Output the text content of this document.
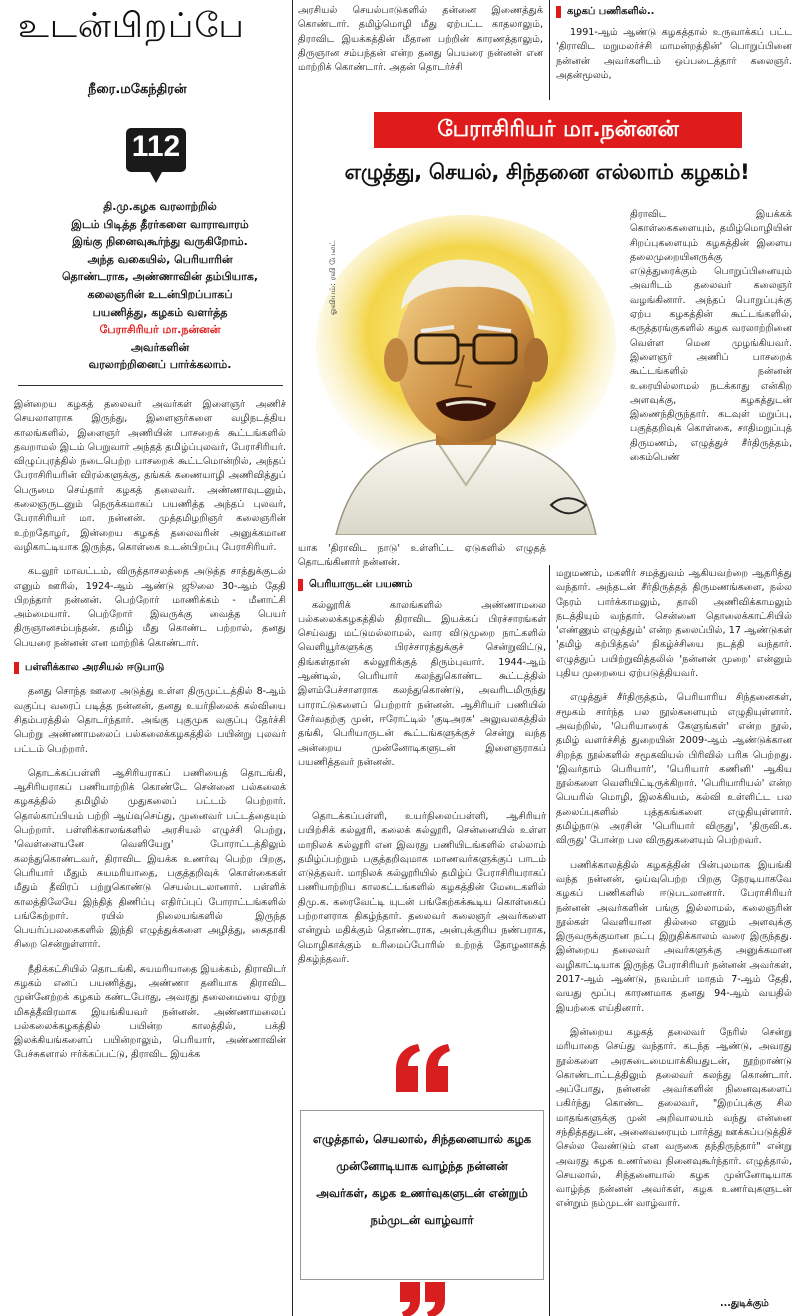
உடன்பிறப்பே
நீரை.மகேந்திரன்
112
தி.மு.கழக வரலாற்றில்
இடம் பிடித்த தீரர்களை வாராவாரம்
இங்கு நினைவுகூர்ந்து வருகிறோம்.
அந்த வகையில், பெரியாரின்
தொண்டராக, அண்ணாவின் தம்பியாக,
கலைஞரின் உடன்பிறப்பாகப்
பயணித்து, கழகம் வளர்த்த
பேராசிரியர் மா.நன்னன்
அவர்களின்
வரலாற்றினைப் பார்க்கலாம்.

இன்றைய கழகத் தலைவர் அவர்கள் இளைஞர் அணிச் செயலாளராக இருந்து, இளைஞர்களை வழிநடத்திய காலங்களில், இளைஞர் அணியின் பாசறைக் கூட்டங்களில் தவறாமல் இடம் பெறுவார் அந்தத் தமிழ்ப்புலவர், பேராசிரியர். விழுப்புரத்தில் நடைபெற்ற பாசறைக் கூட்டமொன்றில், அந்தப் பேராசிரியரின் விரல்களுக்கு, தங்கக் கணையாழி அணிவித்துப் பெருமை செய்தார் கழகத் தலைவர். அண்ணாவுடனும், கலைஞருடனும் நெருக்கமாகப் பயணித்த அந்தப் புலவர், பேராசிரியர் மா. நன்னன். முத்தமிழறிஞர் கலைஞரின் உற்றதோழர், இன்றைய கழகத் தலைவரின் அனுக்கமான வழிகாட்டியாக இருந்த, கொள்கை உடன்பிறப்பு பேராசிரியர்.

கடலூர் மாவட்டம், விருத்தாசலத்தை அடுத்த சாத்துக்குடல் எனும் ஊரில், 1924-ஆம் ஆண்டு ஜூலை 30-ஆம் தேதி பிறந்தார் நன்னன். பெற்றோர் மாணிக்கம் - மீனாட்சி அம்மையார். பெற்றோர் இவருக்கு வைத்த பெயர் திருஞானசம்பந்தன். தமிழ் மீது கொண்ட பற்றால், தனது பெயரை நன்னன் என மாற்றிக் கொண்டார்.

பள்ளிக்கால அரசியல் ஈடுபாடு

தனது சொந்த ஊரை அடுத்து உள்ள திருமுட்டத்தில் 8-ஆம் வகுப்பு வரைப் படித்த நன்னன், தனது உயர்நிலைக் கல்வியை சிதம்பரத்தில் தொடர்ந்தார். அங்கு புகுமுக வகுப்பு தேர்ச்சி பெற்று அண்ணாமலைப் பல்கலைக்கழகத்தில் பயின்று புலவர் பட்டம் பெற்றார்.

தொடக்கப்பள்ளி ஆசிரியராகப் பணியைத் தொடங்கி, ஆசிரியராகப் பணியாற்றிக் கொண்டே சென்னை பல்கலைக் கழகத்தில் தமிழில் முதுகலைப் பட்டம் பெற்றார். தொல்காப்பியம் பற்றி ஆய்வுசெய்து, முனைவர் பட்டத்தையும் பெற்றார். பள்ளிக்காலங்களில் அரசியல் எழுச்சி பெற்று, 'வெள்ளையனே வெளியேறு' போராட்டத்திலும் கலந்துகொண்டவர், திராவிட இயக்க உணர்வு பெற்ற பிறகு, பெரியார் மீதும் சுயமரியாதை, பகுத்தறிவுக் கொள்கைகள் மீதும் தீவிரப் பற்றுகொண்டு செயல்படலானார். பள்ளிக் காலத்திலேயே இந்தித் திணிப்பு எதிர்ப்புப் போராட்டங்களில் பங்கேற்றார். ரயில் நிலையங்களில் இருந்த பெயர்ப்பலகைகளில் இந்தி எழுத்துக்களை அழித்து, கைதாகி சிறை சென்றுள்ளார்.

நீதிக்கட்சியில் தொடங்கி, சுயமரியாதை இயக்கம், திராவிடர் கழகம் எனப் பயணித்து, அண்ணா தனியாக திராவிட முன்னேற்றக் கழகம் கண்டபோது, அவரது தலைமையை ஏற்று மிகத்தீவிரமாக இயங்கியவர் நன்னன். அண்ணாமலைப் பல்கலைக்கழகத்தில் பயின்ற காலத்தில், பக்தி இலக்கியங்களைப் பயின்றாலும், பெரியார், அண்ணாவின் பேச்சுகளால் ஈர்க்கப்பட்டு, திராவிட இயக்க

அரசியல் செயல்பாடுகளில் தன்னை இணைத்துக் கொண்டார். தமிழ்மொழி மீது ஏற்பட்ட காதலாலும், திராவிட இயக்கத்தின் மீதான பற்றின் காரணத்தாலும், திருஞான சம்பந்தன் என்ற தனது பெயரை நன்னன் என மாற்றிக் கொண்டார். அதன் தொடர்ச்சி

கழகப் பணிகளில்..

1991-ஆம் ஆண்டு கழகத்தால் உருவாக்கப் பட்ட 'திராவிட மறுமலர்ச்சி மாமன்றத்தின்' பொறுப்பினை நன்னன் அவர்களிடம் ஒப்படைத்தார் கலைஞர். அதன்மூலம்,

பேராசிரியர் மா.நன்னன்
எழுத்து, செயல், சிந்தனை எல்லாம் கழகம்!
ஓவியம்: ரவி பேலட்

திராவிட இயக்கக் கொள்கைகளையும், தமிழ்மொழியின் சிறப்புகளையும் கழகத்தின் இளைய தலைமுறையினருக்கு எடுத்துரைக்கும் பொறுப்பினையும் அவரிடம் தலைவர் கலைஞர் வழங்கினார். அந்தப் பொறுப்புக்கு ஏற்ப கழகத்தின் கூட்டங்களில், கருத்தரங்குகளில் கழக வரலாற்றினை வெள்ள மென முழங்கியவர். இளைஞர் அணிப் பாசறைக் கூட்டங்களில் நன்னன் உரையில்லாமல் நடக்காது என்கிற அளவுக்கு, கழகத்துடன் இணைந்திருந்தார். கடவுள் மறுப்பு, பகுத்தறிவுக் கொள்கை, சாதிமறுப்புத் திருமணம், எழுத்துச் சீர்திருத்தம், கைம்பெண்

யாக 'திராவிட நாடு' உள்ளிட்ட ஏடுகளில் எழுதத் தொடங்கினார் நன்னன்.

பெரியாருடன் பயணம்

கல்லூரிக் காலங்களில் அண்ணாமலை பல்கலைக்கழகத்தில் திராவிட இயக்கப் பிரச்சாரங்கள் செய்வது மட்டுமல்லாமல், வார விடுமுறை நாட்களில் வெளியூர்களுக்கு பிரச்சாரத்துக்குச் சென்றுவிட்டு, திங்கள்தான் கல்லூரிக்குத் திரும்புவார். 1944-ஆம் ஆண்டில், பெரியார் கலந்துகொண்ட கூட்டத்தில் இளம்பேச்சாளராக கலந்துகொண்டு, அவரிடமிருந்து பாராட்டுகளைப் பெற்றார் நன்னன். ஆசிரியர் பணியில் சேர்வதற்கு முன், ஈரோட்டில் 'குடிஅரசு' அலுவலகத்தில் தங்கி, பெரியாருடன் கூட்டங்களுக்குச் சென்று வந்த அன்றைய முன்னோடிகளுடன் இளைஞராகப் பயணித்தவர் நன்னன்.

தொடக்கப்பள்ளி, உயர்நிலைப்பள்ளி, ஆசிரியர் பயிற்சிக் கல்லூரி, கலைக் கல்லூரி, சென்னையில் உள்ள மாநிலக் கல்லூரி என இவரது பணியிடங்களில் எல்லாம் தமிழ்ப்பற்றும் பகுத்தறிவுமாக மாணவர்களுக்குப் பாடம் எடுத்தவர். மாநிலக் கல்லூரியில் தமிழ்ப் பேராசிரியராகப் பணியாற்றிய காலகட்டங்களில் கழகத்தின் மேடைகளில் திமு.க. கரைவேட்டி யுடன் பங்கேற்கக்கூடிய கொள்கைப் பற்றாளராக திகழ்ந்தார். தலைவர் கலைஞர் அவர்களை என்றும் மதிக்கும் தொண்டராக, அன்புக்குரிய நண்பராக, மொழிகாக்கும் உரிமைப்போரில் உற்றத் தோழனாகத் திகழ்ந்தவர்.

எழுத்தால், செயலால், சிந்தனையால் கழக முன்னோடியாக வாழ்ந்த நன்னன் அவர்கள், கழக உணர்வுகளுடன் என்றும் நம்முடன் வாழ்வார்

மறுமணம், மகளிர் சமத்துவம் ஆகியவற்றை ஆதரித்து வந்தார். அந்தடன் சீர்திருத்தத் திருமணங்களை, நல்ல நேரம் பார்க்காமலும், தாலி அணிவிக்காமலும் நடத்தியும் வந்தார். சென்னை தொலைக்காட்சியில் 'எண்ணும் எழுத்தும்' என்ற தலைப்பில், 17 ஆண்டுகள் 'தமிழ் கற்பித்தல்' நிகழ்ச்சியை நடத்தி வந்தார். எழுத்துப் பயிற்றுவித்தலில் 'நன்னன் முறை' என்னும் புதிய முறையை ஏற்படுத்தியவர்.

எழுத்துச் சீர்திருத்தம், பெரியாரிய சிந்தனைகள், சமூகம் சார்ந்த பல நூல்களையும் எழுதியுள்ளார். அவற்றில், 'பெரியாரைக் கேளுங்கள்' என்ற நூல், தமிழ் வளர்ச்சித் துறையின் 2009-ஆம் ஆண்டுக்கான சிறந்த நூல்களில் சமூகவியல் பிரிவில் பரிசு பெற்றது. 'இவர்தாம் பெரியார்', 'பெரியார் கணினி' ஆகிய நூல்களை வெளியிட்டிருக்கிறார். 'பெரியாரியல்' என்ற பெயரில் மொழி, இலக்கியம், கல்வி உள்ளிட்ட பல தலைப்புகளில் புத்தகங்களை எழுதியுள்ளார். தமிழ்நாடு அரசின் 'பெரியார் விருது', 'திருவி.க. விருது' போன்ற பல விருதுகளையும் பெற்றவர்.

பணிக்காலத்தில் கழகத்தின் பின்புலமாக இயங்கி வந்த நன்னன், ஓய்வுபெற்ற பிறகு நேரடியாகவே கழகப் பணிகளில் ஈடுபடலானார். பேராசிரியர் நன்னன் அவர்களின் பங்கு இல்லாமல், கலைஞரின் நூல்கள் வெளியான தில்லை எனும் அளவுக்கு இருவருக்குமான நட்பு இறுதிக்காலம் வரை இருந்தது. இன்றைய தலைவர் அவர்களுக்கு அனுக்கமான வழிகாட்டியாக இருந்த பேராசிரியர் நன்னன் அவர்கள், 2017-ஆம் ஆண்டு, நவம்பர் மாதம் 7-ஆம் தேதி, வயது மூப்பு காரணமாக தனது 94-ஆம் வயதில் இயற்கை எய்தினார்.

இன்றைய கழகத் தலைவர் நேரில் சென்று மரியாதை செய்து வந்தார். கடந்த ஆண்டு, அவரது நூல்களை அரசுடைமையாக்கியதுடன், நூற்றாண்டு கொண்டாட்டத்திலும் தலைவர் கலந்து கொண்டார். அப்போது, நன்னன் அவர்களின் நினைவுகளைப் பகிர்ந்து கொண்ட தலைவர், "இறப்புக்கு சில மாதங்களுக்கு முன் அறிவாலயம் வந்து என்னை சந்தித்ததுடன், அனைவரையும் பார்த்து ஊக்கப்படுத்திச் செல்ல வேண்டும் என வருகை தந்திருந்தார்" என்று அவரது கழக உணர்வை நினைவுகூர்ந்தார். எழுத்தால், செயலால், சிந்தனையால் கழக முன்னோடியாக வாழ்ந்த நன்னன் அவர்கள், கழக உணர்வுகளுடன் என்றும் நம்முடன் வாழ்வார்.

...துடிக்கும்
